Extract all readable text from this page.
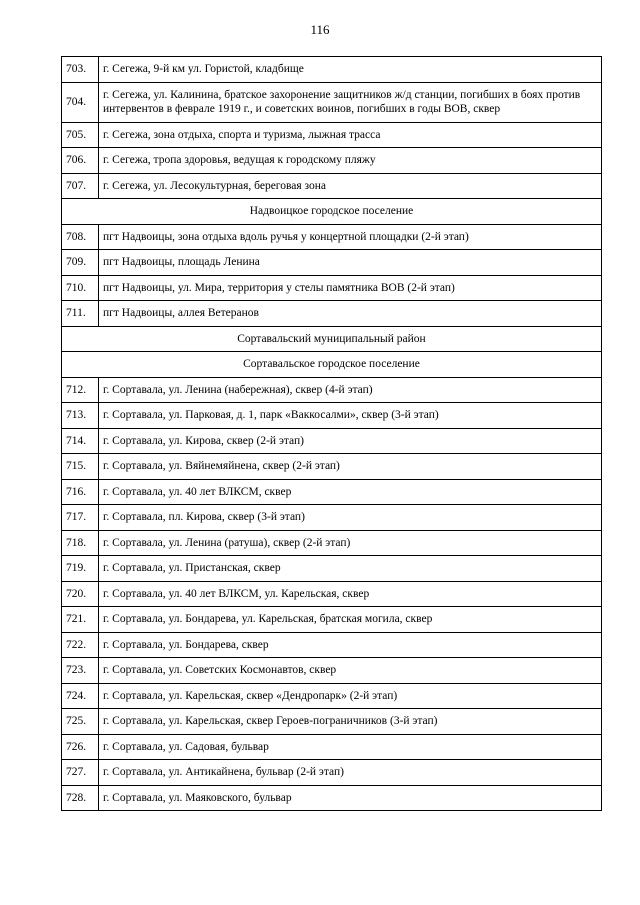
116
703.	г. Сегежа, 9-й км ул. Гористой, кладбище
704.	г. Сегежа, ул. Калинина, братское захоронение защитников ж/д станции, погибших в боях против интервентов в феврале 1919 г., и советских воинов, погибших в годы ВОВ, сквер
705.	г. Сегежа, зона отдыха, спорта и туризма, лыжная трасса
706.	г. Сегежа, тропа здоровья, ведущая к городскому пляжу
707.	г. Сегежа, ул. Лесокультурная, береговая зона
Надвоицкое городское поселение	
708.	пгт Надвоицы, зона отдыха вдоль ручья у концертной площадки (2-й этап)
709.	пгт Надвоицы, площадь Ленина
710.	пгт Надвоицы, ул. Мира, территория у стелы памятника ВОВ (2-й этап)
711.	пгт Надвоицы, аллея Ветеранов
Сортавальский муниципальный район	
Сортавальское городское поселение	
712.	г. Сортавала, ул. Ленина (набережная), сквер (4-й этап)
713.	г. Сортавала, ул. Парковая, д. 1, парк «Ваккосалми», сквер (3-й этап)
714.	г. Сортавала, ул. Кирова, сквер (2-й этап)
715.	г. Сортавала, ул. Вяйнемяйнена, сквер (2-й этап)
716.	г. Сортавала, ул. 40 лет ВЛКСМ, сквер
717.	г. Сортавала, пл. Кирова, сквер (3-й этап)
718.	г. Сортавала, ул. Ленина (ратуша), сквер (2-й этап)
719.	г. Сортавала, ул. Пристанская, сквер
720.	г. Сортавала, ул. 40 лет ВЛКСМ, ул. Карельская, сквер
721.	г. Сортавала, ул. Бондарева, ул. Карельская, братская могила, сквер
722.	г. Сортавала, ул. Бондарева, сквер
723.	г. Сортавала, ул. Советских Космонавтов, сквер
724.	г. Сортавала, ул. Карельская, сквер «Дендропарк» (2-й этап)
725.	г. Сортавала, ул. Карельская, сквер Героев-пограничников (3-й этап)
726.	г. Сортавала, ул. Садовая, бульвар
727.	г. Сортавала, ул. Антикайнена, бульвар (2-й этап)
728.	г. Сортавала, ул. Маяковского, бульвар
